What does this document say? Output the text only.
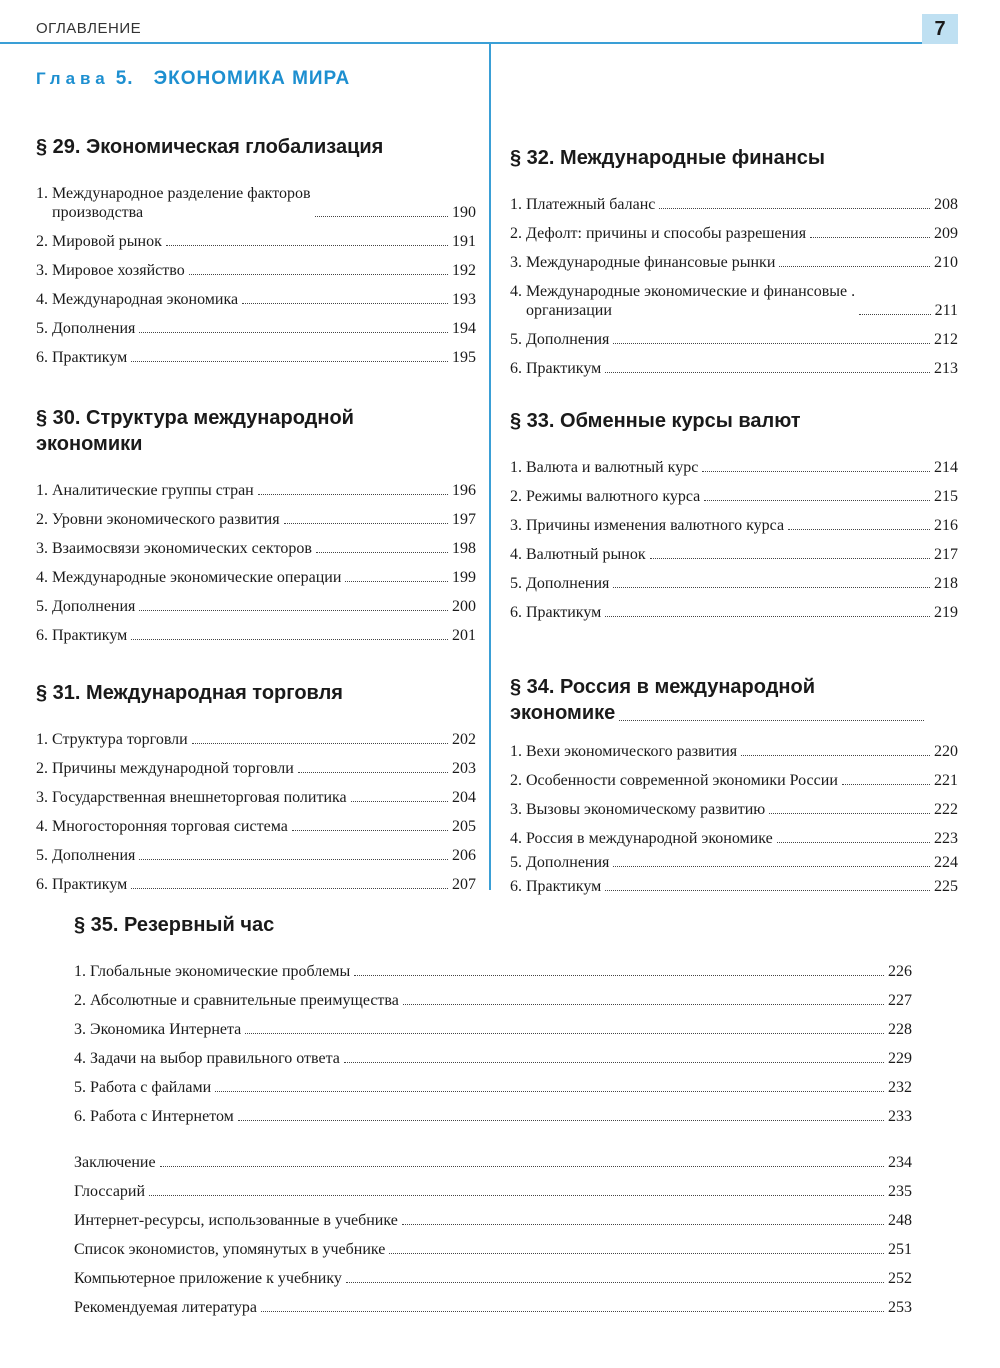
ОГЛАВЛЕНИЕ	7
Глава 5. ЭКОНОМИКА МИРА
§ 29. Экономическая глобализация
1. Международное разделение факторов
производства	190
2. Мировой рынок	191
3. Мировое хозяйство	192
4. Международная экономика	193
5. Дополнения	194
6. Практикум	195
§ 30. Структура международной
экономики
1. Аналитические группы стран	196
2. Уровни экономического развития	197
3. Взаимосвязи экономических секторов	198
4. Международные экономические операции	199
5. Дополнения	200
6. Практикум	201
§ 31. Международная торговля
1. Структура торговли	202
2. Причины международной торговли	203
3. Государственная внешнеторговая политика	204
4. Многосторонняя торговая система	205
5. Дополнения	206
6. Практикум	207
§ 32. Международные финансы
1. Платежный баланс	208
2. Дефолт: причины и способы разрешения	209
3. Международные финансовые рынки	210
4. Международные экономические и финансовые .
организации	211
5. Дополнения	212
6. Практикум	213
§ 33. Обменные курсы валют
1. Валюта и валютный курс	214
2. Режимы валютного курса	215
3. Причины изменения валютного курса	216
4. Валютный рынок	217
5. Дополнения	218
6. Практикум	219
§ 34. Россия в международной
экономике
1. Вехи экономического развития	220
2. Особенности современной экономики России	221
3. Вызовы экономическому развитию	222
4. Россия в международной экономике	223
5. Дополнения	224
6. Практикум	225
§ 35. Резервный час
1. Глобальные экономические проблемы	226
2. Абсолютные и сравнительные преимущества	227
3. Экономика Интернета	228
4. Задачи на выбор правильного ответа	229
5. Работа с файлами	232
6. Работа с Интернетом	233
Заключение	234
Глоссарий	235
Интернет-ресурсы, использованные в учебнике	248
Список экономистов, упомянутых в учебнике	251
Компьютерное приложение к учебнику	252
Рекомендуемая литература	253
